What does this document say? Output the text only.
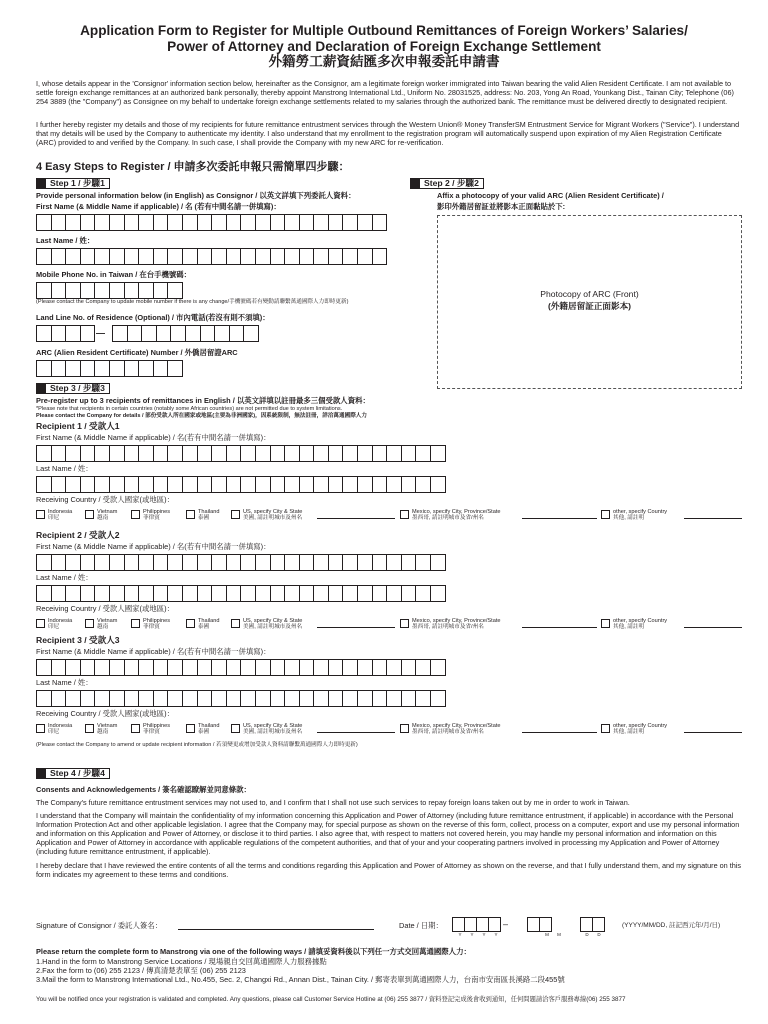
Application Form to Register for Multiple Outbound Remittances of Foreign Workers’ Salaries/
Power of Attorney and Declaration of Foreign Exchange Settlement
外籍勞工薪資結匯多次申報委託申請書
I, whose details appear in the 'Consignor' information section below, hereinafter as the Consignor, am a legitimate foreign worker immigrated into Taiwan bearing the valid Alien Resident Certificate. I am not available to settle foreign exchange remittances at an authorized bank personally, thereby appoint Manstrong International Ltd., Uniform No. 28031525, address: No. 203, Yong An Road, Younkang Dist., Tainan City; Telephone (06) 254 3889 (the "Company") as Consignee on my behalf to undertake foreign exchange settlements related to my salaries through the authorized bank. The remittance must be delivered directly to designated recipient.
I further hereby register my details and those of my recipients for future remittance entrustment services through the Western Union® Money TransferSM Entrustment Service for Migrant Workers ("Service"). I understand that my details will be used by the Company to authenticate my identity. I also understand that my enrollment to the registration program will automatically suspend upon expiration of my Alien Registration Certificate (ARC) provided to and verified by the Company. In such case, I shall provide the Company with my new ARC for re-verification.
4 Easy Steps to Register / 申請多次委託申報只需簡單四步驟：
Step 1 / 步驟1
Provide personal information below (in English) as Consignor / 以英文詳填下列委託人資料：
First Name (& Middle Name if applicable) / 名 (若有中間名請一併填寫)：
Last Name / 姓：
Mobile Phone No. in Taiwan / 在台手機號碼：
(Please contact the Company to update mobile number if there is any change/手機號碼若有變動請聯繫萬通國際人力即時更新)
Land Line No. of Residence (Optional) / 市內電話(若沒有則不須填)：
—
ARC (Alien Resident Certificate) Number / 外僑居留證ARC
Step 2 / 步驟2
Affix a photocopy of your valid ARC (Alien Resident Certificate) /
影印外籍居留証並將影本正面黏貼於下:
Photocopy of ARC (Front)
(外籍居留証正面影本)
Step 3 / 步驟3
Pre-register up to 3 recipients of remittances in English / 以英文詳填以註冊最多三個受款人資料：
*Please note that recipients in certain countries (notably some African countries) are not permitted due to system limitations.
Please contact the Company for details / 部份受款人所在國家或地區(主要為非洲國家)，因系統限制，無法註冊，詳洽萬通國際人力
Recipient 1 / 受款人1
First Name (& Middle Name if applicable) / 名(若有中間名請一併填寫)：
Last Name / 姓：
Receiving Country / 受款人國家(或地區)：
Indonesia
印尼
Vietnam
越南
Philippines
菲律賓
Thailand
泰國
US, specify City & State
美國, 請註明城市及州名
Mexico, specify City, Province/State
墨西哥, 請註明城市及省/州名
other, specify Country
其他, 請註明
Recipient 2 / 受款人2
First Name (& Middle Name if applicable) / 名(若有中間名請一併填寫)：
Last Name / 姓：
Receiving Country / 受款人國家(或地區)：
Indonesia
印尼
Vietnam
越南
Philippines
菲律賓
Thailand
泰國
US, specify City & State
美國, 請註明城市及州名
Mexico, specify City, Province/State
墨西哥, 請註明城市及省/州名
other, specify Country
其他, 請註明
Recipient 3 / 受款人3
First Name (& Middle Name if applicable) / 名(若有中間名請一併填寫)：
Last Name / 姓：
Receiving Country / 受款人國家(或地區)：
Indonesia
印尼
Vietnam
越南
Philippines
菲律賓
Thailand
泰國
US, specify City & State
美國, 請註明城市及州名
Mexico, specify City, Province/State
墨西哥, 請註明城市及省/州名
other, specify Country
其他, 請註明
(Please contact the Company to amend or update recipient information / 若須變更或增加受款人資料請聯繫萬通國際人力即時更新)
Step 4 / 步驟4
Consents and Acknowledgements / 簽名確認瞭解並同意條款：
The Company's future remittance entrustment services may not used to, and I confirm that I shall not use such services to repay foreign loans taken out by me in order to work in Taiwan.
I understand that the Company will maintain the confidentiality of my information concerning this Application and Power of Attorney (including future remittance entrustment, if applicable) in accordance with the Personal Information Protection Act and other applicable legislation. I agree that the Company may, for special purpose as shown on the reverse of this form, collect, process on a computer, export and use my personal information and information on this Application and Power of Attorney, or disclose it to third parties. I also agree that, with respect to matters not covered herein, you may handle my personal information and information on this Application and Power of Attorney in accordance with applicable regulations of the competent authorities, and that of your and your cooperating partners involved in processing my Application and Power of Attorney (including future remittance entrustment, if applicable).
I hereby declare that I have reviewed the entire contents of all the terms and conditions regarding this Application and Power of Attorney as shown on the reverse, and that I fully understand them, and my signature on this form indicates my agreement to these terms and conditions.
Signature of Consignor / 委託人簽名：	Date / 日期：	–	(YYYY/MM/DD, 註記西元年/月/日)
Y	Y	Y	Y	M	M	D	D
Please return the complete form to Manstrong via one of the following ways / 請填妥資料後以下列任一方式交回萬通國際人力：
1.Hand in the form to Manstrong Service Locations / 現場親自交回萬通國際人力服務據點
2.Fax the form to (06) 255 2123 / 傳真清楚表單至 (06) 255 2123
3.Mail the form to Manstrong International Ltd., No.455, Sec. 2, Changxi Rd., Annan Dist., Tainan City. / 郵寄表單到萬通國際人力，台南市安南區長溪路二段455號
You will be notified once your registration is validated and completed. Any questions, please call Customer Service Hotline at (06) 255 3877 / 資料登記完成後會收到通知，任何問題請洽客戶服務專線(06) 255 3877
